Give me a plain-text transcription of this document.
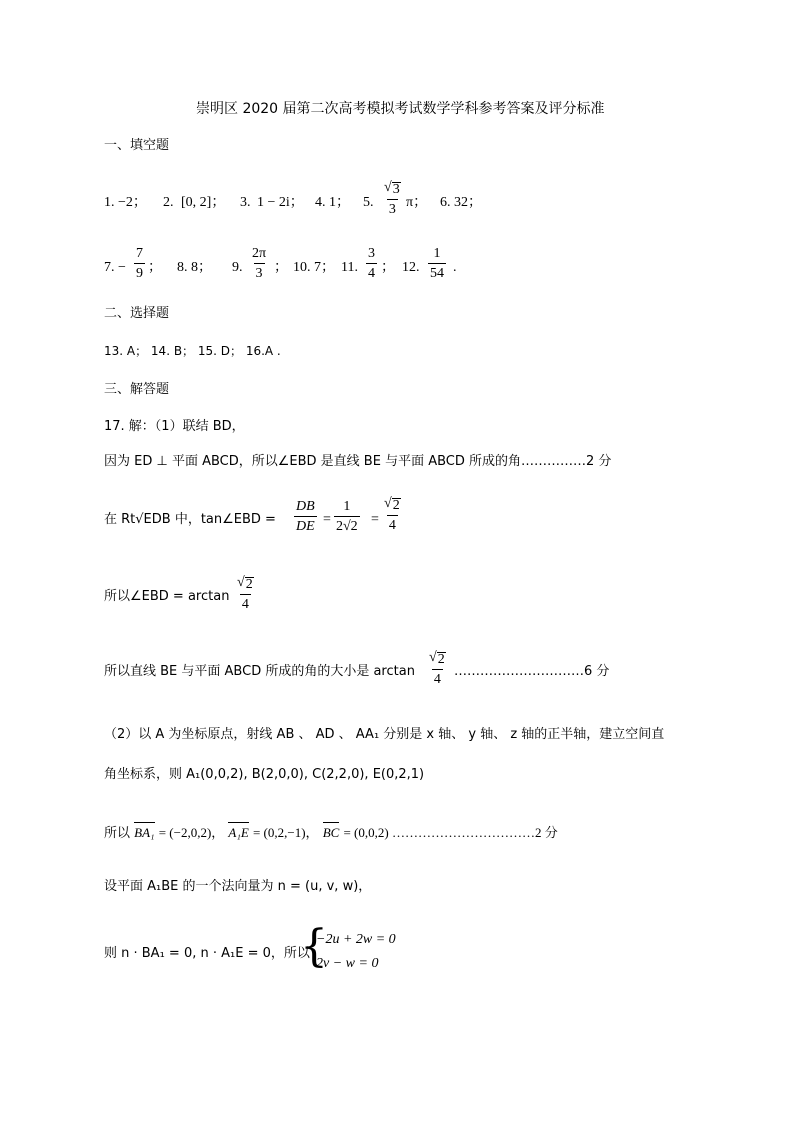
崇明区 2020 届第二次高考模拟考试数学学科参考答案及评分标准
一、填空题
1. −2； 2. [0, 2]； 3. 1 − 2i； 4. 1； 5. $\frac{√ 3}{3}$ π； 6. 32；
7. − $\frac{7}{9}$ ； 8. 8； 9. $\frac{2\pi}{3}$ ； 10. 7； 11. $\frac{3}{4}$ ； 12. $\frac{1}{54}$ .
二、选择题
13. A； 14. B； 15. D； 16.A .
三、解答题
17. 解：（1）联结 BD，
因为 ED ⊥ 平面 ABCD，所以∠EBD 是直线 BE 与平面 ABCD 所成的角……………2 分
在 Rt√EDB 中，tan∠EBD = $\frac{DB}{DE} = \frac{1}{2√2} = \frac{√ 2}{4}$
所以∠EBD = $\arctan \frac{√ 2}{4}$
所以直线 BE 与平面 ABCD 所成的角的大小是 $\arctan \frac{√ 2}{4}$ …………………………6 分
（2）以 A 为坐标原点，射线 AB 、 AD 、 AA₁ 分别是 x 轴、 y 轴、 z 轴的正半轴，建立空间直
角坐标系，则 A₁(0,0,2), B(2,0,0), C(2,2,0), E(0,2,1)
所以 BA₁ = (−2,0,2)， A₁E = (0,2,−1)， BC = (0,0,2) ……………………………2 分
设平面 A₁BE 的一个法向量为 n = (u, v, w)，
则 n · BA₁ = 0, n · A₁E = 0，所以
{
−2u + 2w = 0
2v − w = 0
